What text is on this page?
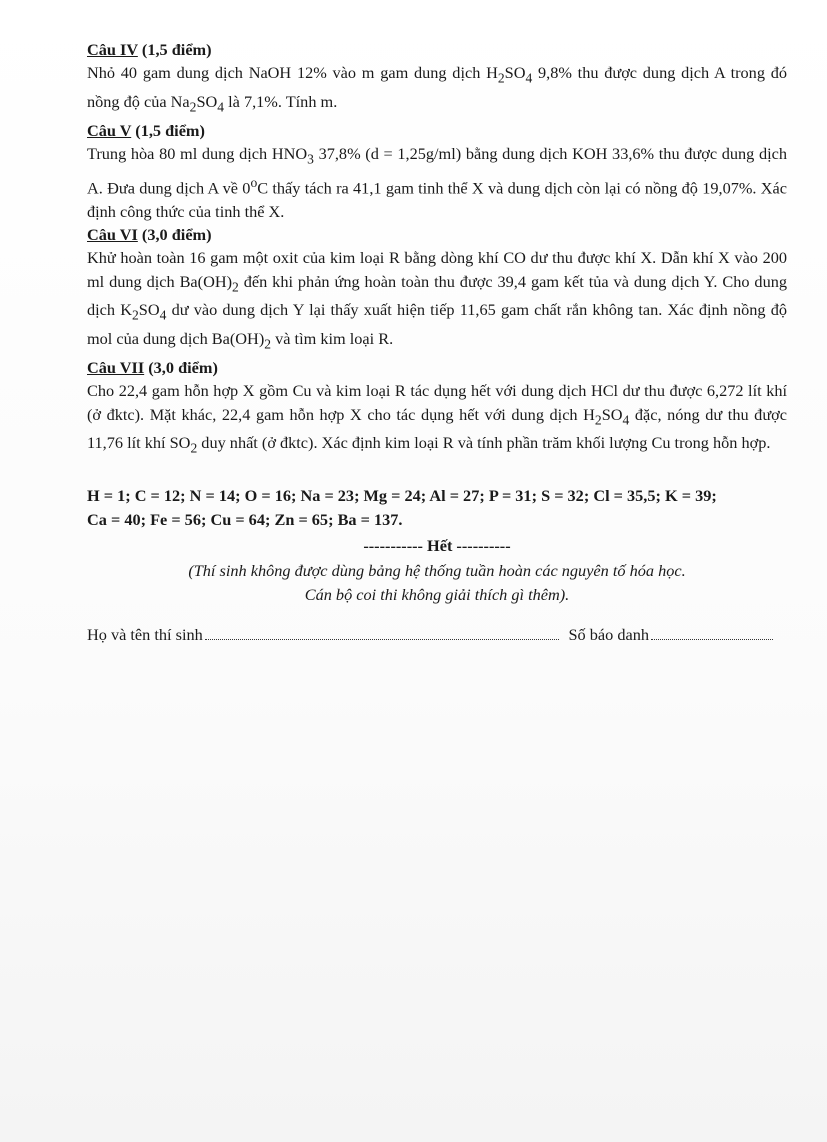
Câu IV (1,5 điểm)
Nhỏ 40 gam dung dịch NaOH 12% vào m gam dung dịch $H_2SO_4$ 9,8% thu được dung dịch A trong đó nồng độ của $Na_2SO_4$ là 7,1%. Tính m.
Câu V (1,5 điểm)
Trung hòa 80 ml dung dịch $HNO_3$ 37,8% (d = 1,25g/ml) bằng dung dịch KOH 33,6% thu được dung dịch A. Đưa dung dịch A về 0$^o$C thấy tách ra 41,1 gam tinh thể X và dung dịch còn lại có nồng độ 19,07%. Xác định công thức của tinh thể X.
Câu VI (3,0 điểm)
Khử hoàn toàn 16 gam một oxit của kim loại R bằng dòng khí CO dư thu được khí X. Dẫn khí X vào 200 ml dung dịch $Ba(OH)_2$ đến khi phản ứng hoàn toàn thu được 39,4 gam kết tủa và dung dịch Y. Cho dung dịch $K_2SO_4$ dư vào dung dịch Y lại thấy xuất hiện tiếp 11,65 gam chất rắn không tan. Xác định nồng độ mol của dung dịch $Ba(OH)_2$ và tìm kim loại R.
Câu VII (3,0 điểm)
Cho 22,4 gam hỗn hợp X gồm Cu và kim loại R tác dụng hết với dung dịch HCl dư thu được 6,272 lít khí (ở đktc). Mặt khác, 22,4 gam hỗn hợp X cho tác dụng hết với dung dịch $H_2SO_4$ đặc, nóng dư thu được 11,76 lít khí $SO_2$ duy nhất (ở đktc). Xác định kim loại R và tính phần trăm khối lượng Cu trong hỗn hợp.
H = 1; C = 12; N = 14; O = 16; Na = 23; Mg = 24; Al = 27; P = 31; S = 32; Cl = 35,5; K = 39;
Ca = 40; Fe = 56; Cu = 64; Zn = 65; Ba = 137.
----------- Hết ----------
(Thí sinh không được dùng bảng hệ thống tuần hoàn các nguyên tố hóa học.
Cán bộ coi thi không giải thích gì thêm).
Họ và tên thí sinh	Số báo danh
